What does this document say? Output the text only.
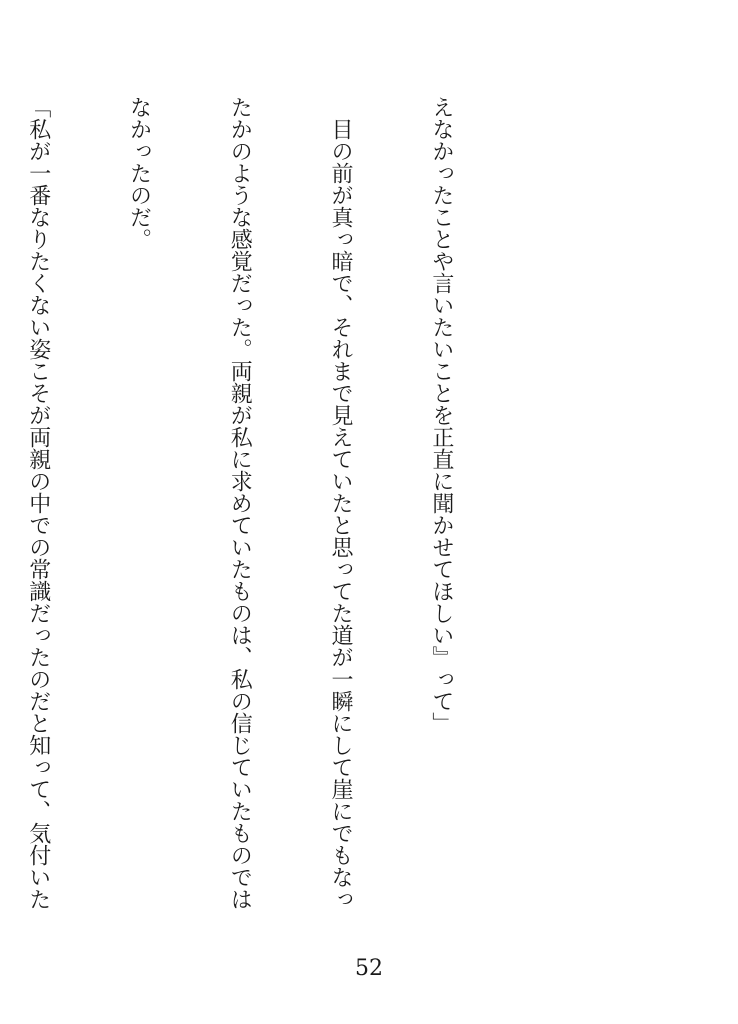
えなかったことや言いたいことを正直に聞かせてほしい』って」

　目の前が真っ暗で、それまで見えていたと思ってた道が一瞬にして崖にでもなっ

たかのような感覚だった。両親が私に求めていたものは、私の信じていたものでは

なかったのだ。

「私が一番なりたくない姿こそが両親の中での常識だったのだと知って、気付いた

52
